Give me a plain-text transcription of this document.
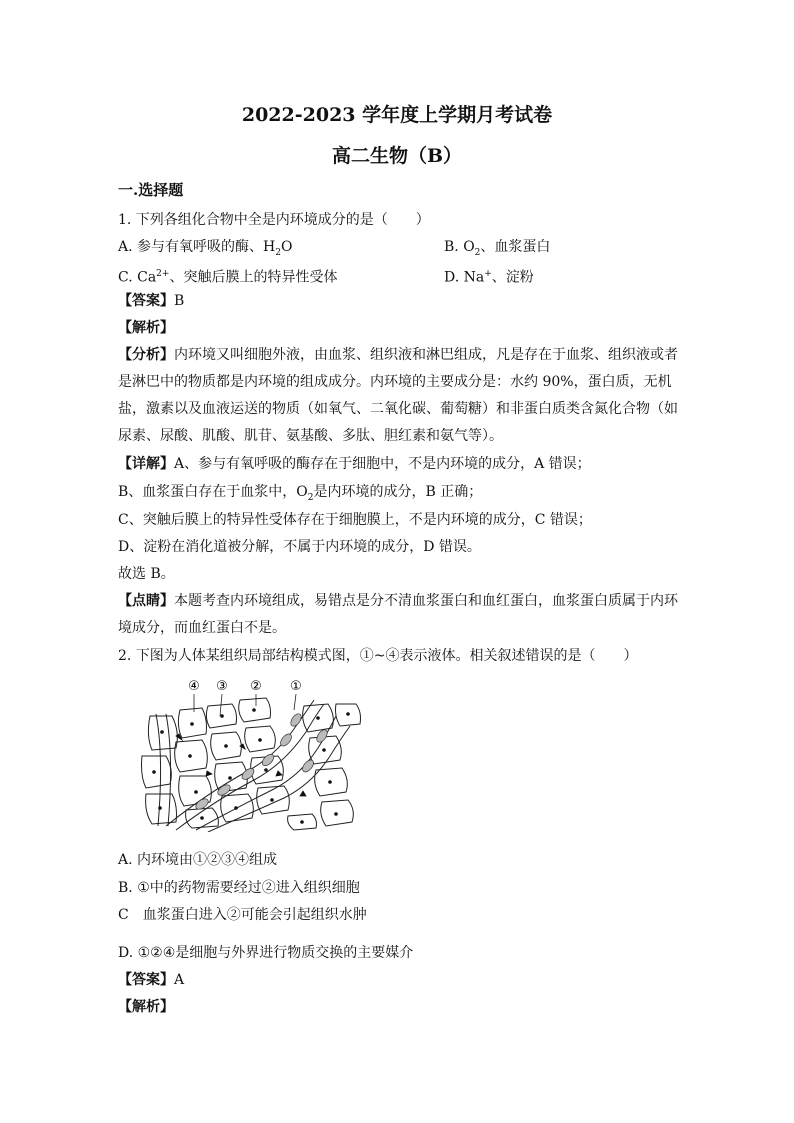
2022-2023 学年度上学期月考试卷
高二生物（B）
一.选择题
1. 下列各组化合物中全是内环境成分的是（　　）
A. 参与有氧呼吸的酶、$H_2O$	B. $O_2$、血浆蛋白
C. $Ca^{2+}$、突触后膜上的特异性受体	D. Na+、淀粉
【答案】B
【解析】
【分析】内环境又叫细胞外液，由血浆、组织液和淋巴组成，凡是存在于血浆、组织液或者是淋巴中的物质都是内环境的组成成分。内环境的主要成分是：水约 90%，蛋白质，无机盐，激素以及血液运送的物质（如氧气、二氧化碳、葡萄糖）和非蛋白质类含氮化合物（如尿素、尿酸、肌酸、肌苷、氨基酸、多肽、胆红素和氨气等）。
【详解】A、参与有氧呼吸的酶存在于细胞中，不是内环境的成分，A 错误；
B、血浆蛋白存在于血浆中，$O_2$是内环境的成分，B 正确；
C、突触后膜上的特异性受体存在于细胞膜上，不是内环境的成分，C 错误；
D、淀粉在消化道被分解，不属于内环境的成分，D 错误。
故选 B。
【点睛】本题考查内环境组成，易错点是分不清血浆蛋白和血红蛋白，血浆蛋白质属于内环境成分，而血红蛋白不是。
2. 下图为人体某组织局部结构模式图，①~④表示液体。相关叙述错误的是（　　）
④ ③ ② ①
A. 内环境由①②③④组成
B. ①中的药物需要经过②进入组织细胞
C　血浆蛋白进入②可能会引起组织水肿
D. ①②④是细胞与外界进行物质交换的主要媒介
【答案】A
【解析】
